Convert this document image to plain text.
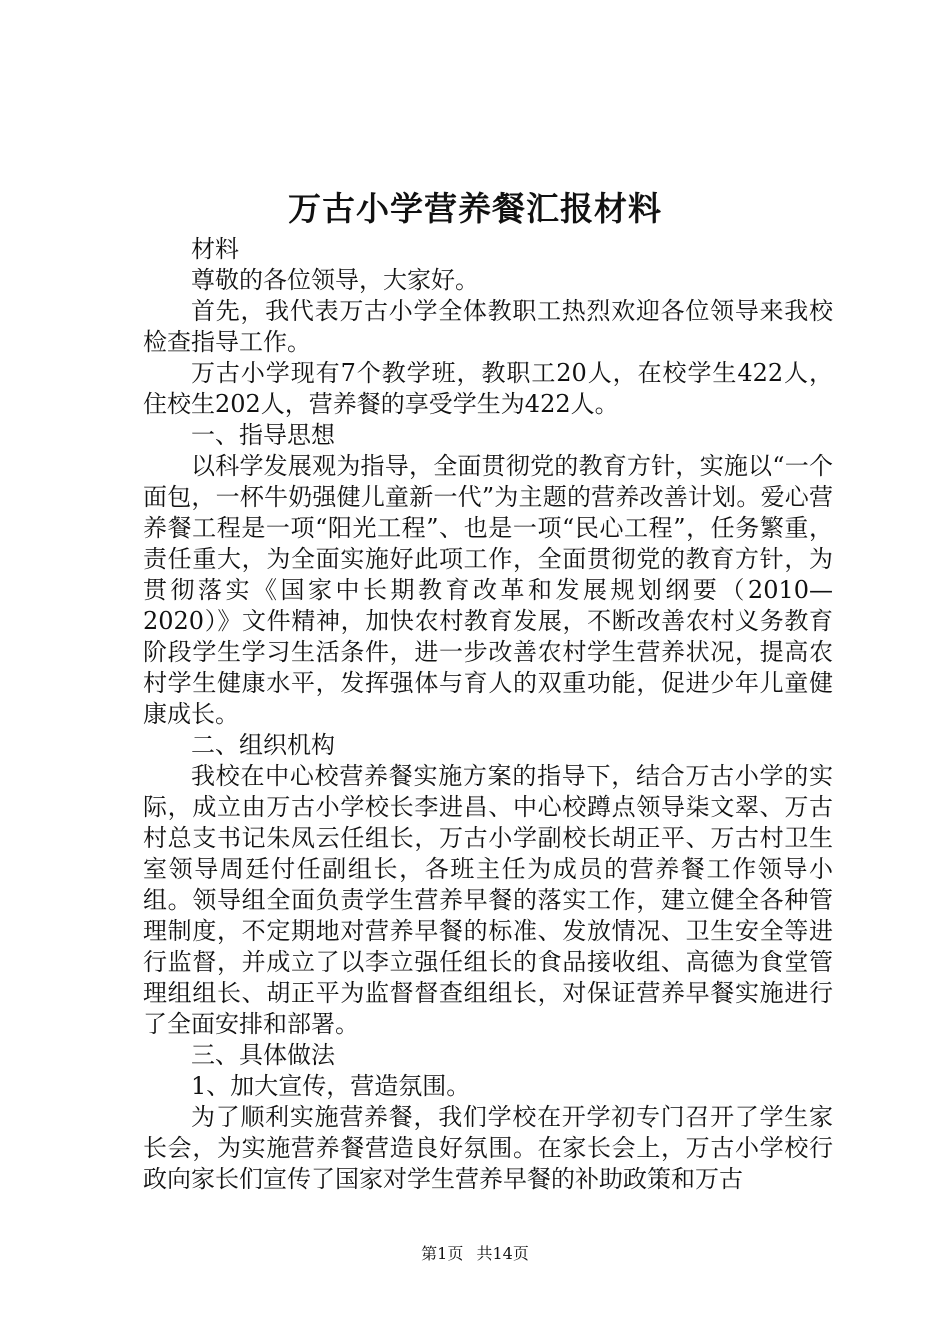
万古小学营养餐汇报材料

材料

尊敬的各位领导，大家好。

首先，我代表万古小学全体教职工热烈欢迎各位领导来我校检查指导工作。

万古小学现有7个教学班，教职工20人，在校学生422人，住校生202人，营养餐的享受学生为422人。

一、指导思想

以科学发展观为指导，全面贯彻党的教育方针，实施以“一个面包，一杯牛奶强健儿童新一代”为主题的营养改善计划。爱心营养餐工程是一项“阳光工程”、也是一项“民心工程”，任务繁重，责任重大，为全面实施好此项工作，全面贯彻党的教育方针，为贯彻落实《国家中长期教育改革和发展规划纲要（2010—2020）》文件精神，加快农村教育发展，不断改善农村义务教育阶段学生学习生活条件，进一步改善农村学生营养状况，提高农村学生健康水平，发挥强体与育人的双重功能，促进少年儿童健康成长。

二、组织机构

我校在中心校营养餐实施方案的指导下，结合万古小学的实际，成立由万古小学校长李进昌、中心校蹲点领导柒文翠、万古村总支书记朱凤云任组长，万古小学副校长胡正平、万古村卫生室领导周廷付任副组长，各班主任为成员的营养餐工作领导小组。领导组全面负责学生营养早餐的落实工作，建立健全各种管理制度，不定期地对营养早餐的标准、发放情况、卫生安全等进行监督，并成立了以李立强任组长的食品接收组、高德为食堂管理组组长、胡正平为监督督查组组长，对保证营养早餐实施进行了全面安排和部署。

三、具体做法

1、加大宣传，营造氛围。

为了顺利实施营养餐，我们学校在开学初专门召开了学生家长会，为实施营养餐营造良好氛围。在家长会上，万古小学校行政向家长们宣传了国家对学生营养早餐的补助政策和万古

第1页 共14页
